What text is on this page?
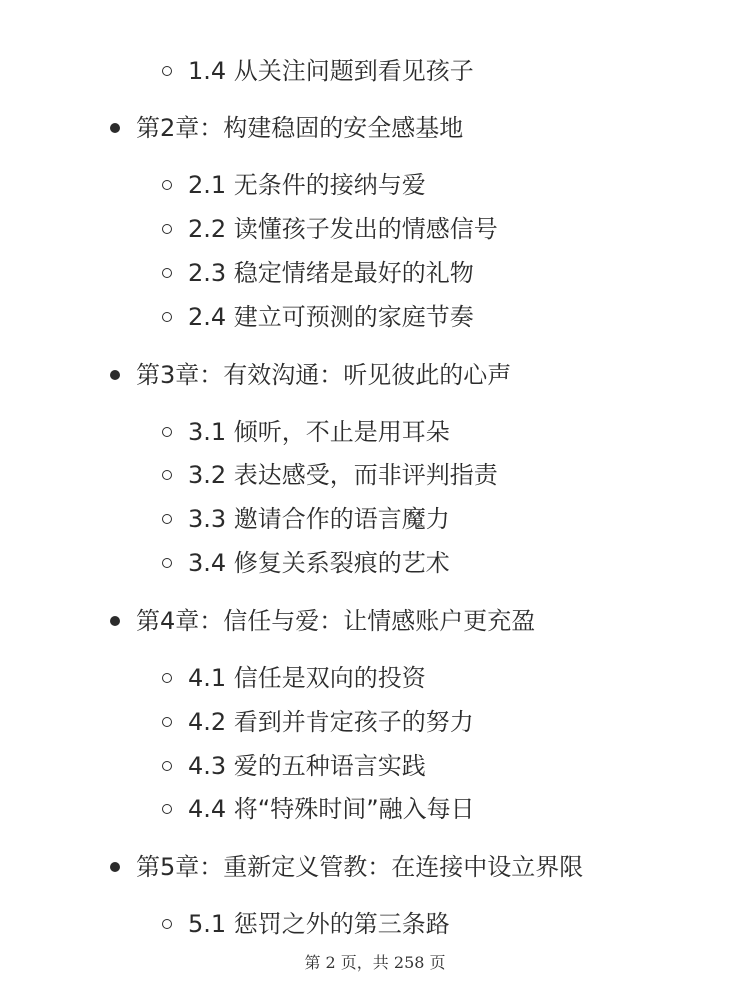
1.4 从关注问题到看见孩子
第2章：构建稳固的安全感基地
2.1 无条件的接纳与爱
2.2 读懂孩子发出的情感信号
2.3 稳定情绪是最好的礼物
2.4 建立可预测的家庭节奏
第3章：有效沟通：听见彼此的心声
3.1 倾听，不止是用耳朵
3.2 表达感受，而非评判指责
3.3 邀请合作的语言魔力
3.4 修复关系裂痕的艺术
第4章：信任与爱：让情感账户更充盈
4.1 信任是双向的投资
4.2 看到并肯定孩子的努力
4.3 爱的五种语言实践
4.4 将“特殊时间”融入每日
第5章：重新定义管教：在连接中设立界限
5.1 惩罚之外的第三条路
第 2 页，共 258 页
